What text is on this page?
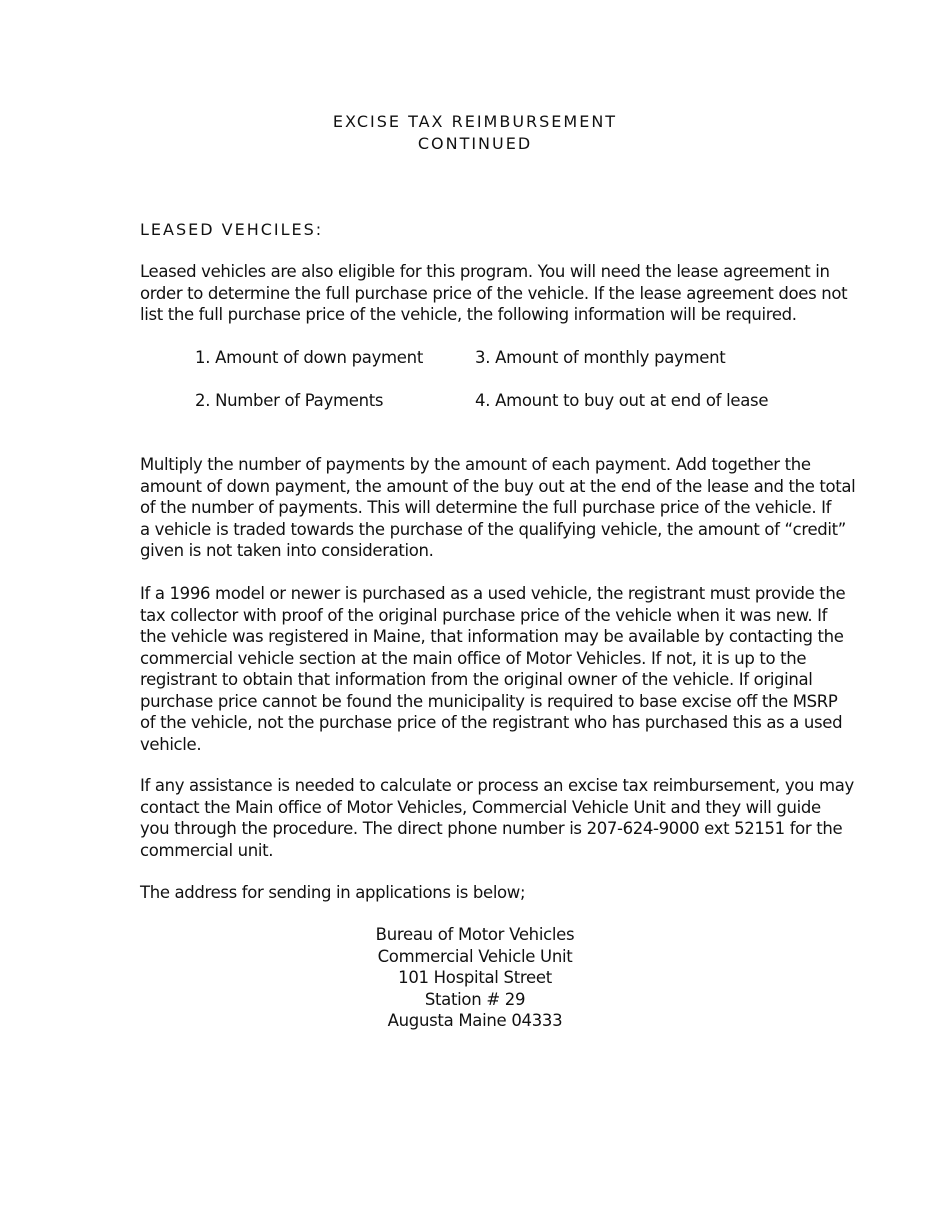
EXCISE TAX REIMBURSEMENT
CONTINUED
LEASED VEHCILES:
Leased vehicles are also eligible for this program. You will need the lease agreement in
order to determine the full purchase price of the vehicle. If the lease agreement does not
list the full purchase price of the vehicle, the following information will be required.
1. Amount of down payment
2. Number of Payments
3. Amount of monthly payment
4. Amount to buy out at end of lease
Multiply the number of payments by the amount of each payment. Add together the
amount of down payment, the amount of the buy out at the end of the lease and the total
of the number of payments. This will determine the full purchase price of the vehicle. If
a vehicle is traded towards the purchase of the qualifying vehicle, the amount of “credit”
given is not taken into consideration.
If a 1996 model or newer is purchased as a used vehicle, the registrant must provide the
tax collector with proof of the original purchase price of the vehicle when it was new. If
the vehicle was registered in Maine, that information may be available by contacting the
commercial vehicle section at the main office of Motor Vehicles. If not, it is up to the
registrant to obtain that information from the original owner of the vehicle. If original
purchase price cannot be found the municipality is required to base excise off the MSRP
of the vehicle, not the purchase price of the registrant who has purchased this as a used
vehicle.
If any assistance is needed to calculate or process an excise tax reimbursement, you may
contact the Main office of Motor Vehicles, Commercial Vehicle Unit and they will guide
you through the procedure. The direct phone number is 207-624-9000 ext 52151 for the
commercial unit.
The address for sending in applications is below;
Bureau of Motor Vehicles
Commercial Vehicle Unit
101 Hospital Street
Station # 29
Augusta Maine 04333
